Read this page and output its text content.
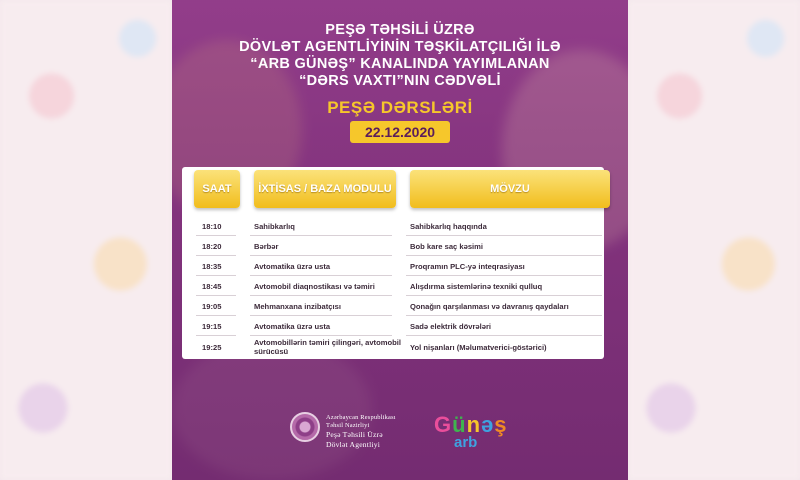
PEŞƏ TƏHSİLİ ÜZRƏ
DÖVLƏT AGENTLİYİNİN TƏŞKİLATÇILIĞI İLƏ
“ARB GÜNƏŞ” KANALINDA YAYIMLANAN
“DƏRS VAXTI”NIN CƏDVƏLİ
PEŞƏ DƏRSLƏRİ
22.12.2020
SAAT	İXTİSAS / BAZA MODULU	MÖVZU
18:10	Sahibkarlıq	Sahibkarlıq haqqında
18:20	Bərbər	Bob kare saç kəsimi
18:35	Avtomatika üzrə usta	Proqramın PLC-yə inteqrasiyası
18:45	Avtomobil diaqnostikası və təmiri	Alışdırma sistemlərinə texniki qulluq
19:05	Mehmanxana inzibatçısı	Qonağın qarşılanması və davranış qaydaları
19:15	Avtomatika üzrə usta	Sadə elektrik dövrələri
19:25	Avtomobillərin təmiri çilingəri, avtomobil sürücüsü	Yol nişanları (Məlumatverici-göstərici)
Azərbaycan Respublikası
Təhsil Nazirliyi
Peşə Təhsili Üzrə
Dövlət Agentliyi
Günəş
arb
